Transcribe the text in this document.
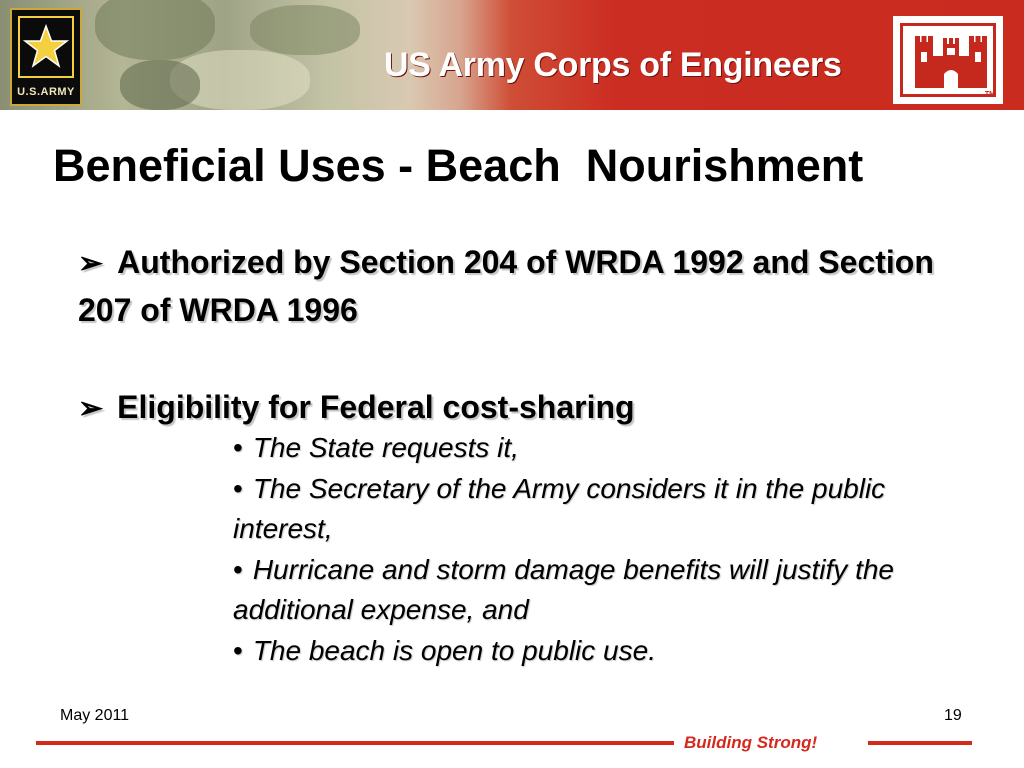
U.S.ARMY
US Army Corps of Engineers
TM
Beneficial Uses - Beach  Nourishment
➢ Authorized by Section 204 of WRDA 1992 and Section 207 of WRDA 1996
➢ Eligibility for Federal cost-sharing

• The State requests it,

• The Secretary of the Army considers it in the public interest,

• Hurricane and storm damage benefits will justify the additional expense, and

• The beach is open to public use.

May 2011	19
Building Strong!
